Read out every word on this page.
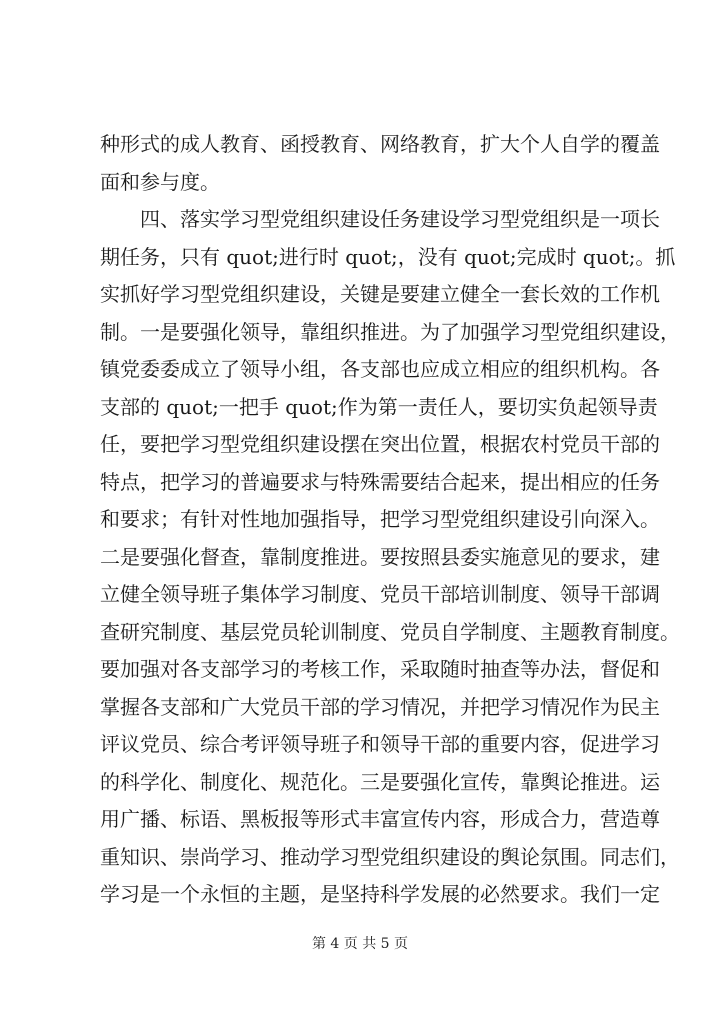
种形式的成人教育、函授教育、网络教育，扩大个人自学的覆盖
面和参与度。
　　四、落实学习型党组织建设任务建设学习型党组织是一项长
期任务，只有 quot;进行时 quot;，没有 quot;完成时 quot;。抓
实抓好学习型党组织建设，关键是要建立健全一套长效的工作机
制。一是要强化领导，靠组织推进。为了加强学习型党组织建设，
镇党委委成立了领导小组，各支部也应成立相应的组织机构。各
支部的 quot;一把手 quot;作为第一责任人，要切实负起领导责
任，要把学习型党组织建设摆在突出位置，根据农村党员干部的
特点，把学习的普遍要求与特殊需要结合起来，提出相应的任务
和要求；有针对性地加强指导，把学习型党组织建设引向深入。
二是要强化督查，靠制度推进。要按照县委实施意见的要求，建
立健全领导班子集体学习制度、党员干部培训制度、领导干部调
查研究制度、基层党员轮训制度、党员自学制度、主题教育制度。
要加强对各支部学习的考核工作，采取随时抽查等办法，督促和
掌握各支部和广大党员干部的学习情况，并把学习情况作为民主
评议党员、综合考评领导班子和领导干部的重要内容，促进学习
的科学化、制度化、规范化。三是要强化宣传，靠舆论推进。运
用广播、标语、黑板报等形式丰富宣传内容，形成合力，营造尊
重知识、崇尚学习、推动学习型党组织建设的舆论氛围。同志们，
学习是一个永恒的主题，是坚持科学发展的必然要求。我们一定
第 4 页 共 5 页
